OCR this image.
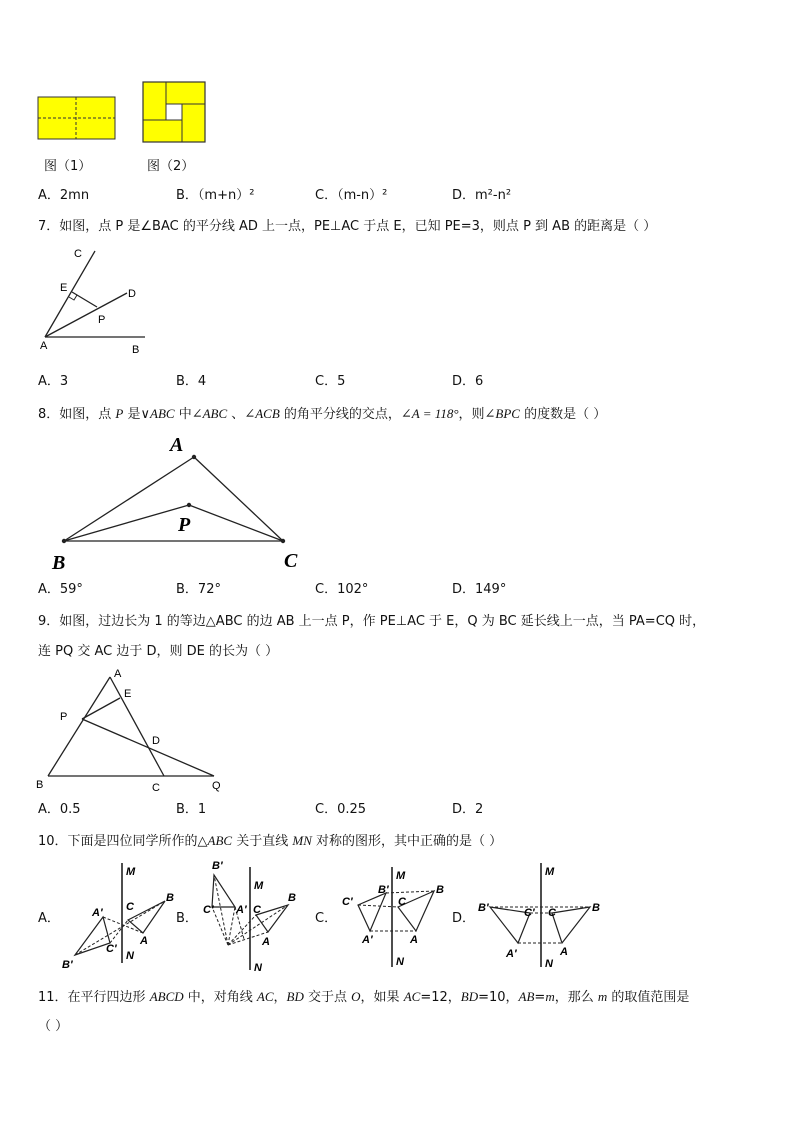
图（1）	图（2）
A．2mn	B．（m+n）²	C．（m-n）²	D．m²-n²
7．如图，点 P 是∠BAC 的平分线 AD 上一点，PE⊥AC 于点 E，已知 PE=3，则点 P 到 AB 的距离是（ ）
C
E	D
P
A	B
A．3	B．4	C．5	D．6
8．如图，点 P 是∨ABC 中∠ABC 、∠ACB 的角平分线的交点，∠A = 118°，则∠BPC 的度数是（ ）
A
P
B	C
A．59°	B．72°	C．102°	D．149°
9．如图，过边长为 1 的等边△ABC 的边 AB 上一点 P，作 PE⊥AC 于 E，Q 为 BC 延长线上一点，当 PA=CQ 时，
连 PQ 交 AC 边于 D，则 DE 的长为（ ）
A
E
P
D
B	C	Q
A．0.5	B．1	C．0.25	D．2
10．下面是四位同学所作的△ABC 关于直线 MN 对称的图形，其中正确的是（ ）
A．	B．	C．	D．
M
N
B
C
A
A′
C′
B′
B′
M
C′ A′ C
B
A
N
M
B′	B
C′	C
A′	A
N
M
B′	B
C′ C
A′	A
N
11．在平行四边形 ABCD 中，对角线 AC，BD 交于点 O，如果 AC=12，BD=10，AB=m，那么 m 的取值范围是
（ ）
